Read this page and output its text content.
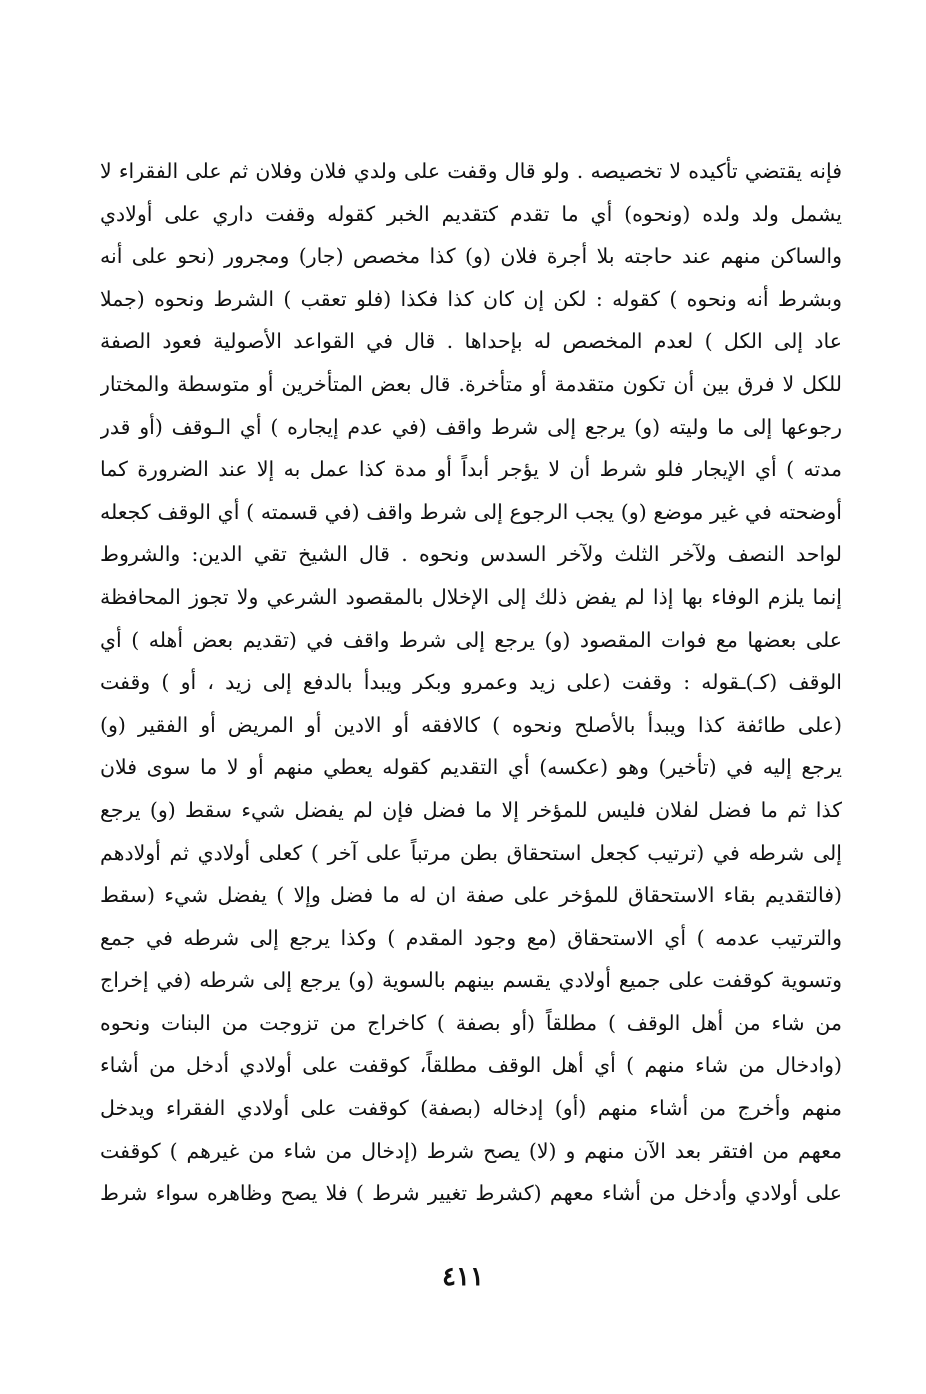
فإنه يقتضي تأكيده لا تخصيصه . ولو قال وقفت على ولدي فلان وفلان ثم على الفقراء لا
يشمل ولد ولده (ونحوه) أي ما تقدم كتقديم الخبر كقوله وقفت داري على أولادي
والساكن منهم عند حاجته بلا أجرة فلان (و) كذا مخصص (جار) ومجرور (نحو على أنه
وبشرط أنه ونحوه ) كقوله : لكن إن كان كذا فكذا (فلو تعقب ) الشرط ونحوه (جملا
عاد إلى الكل ) لعدم المخصص له بإحداها . قال في القواعد الأصولية فعود الصفة
للكل لا فرق بين أن تكون متقدمة أو متأخرة. قال بعض المتأخرين أو متوسطة والمختار
رجوعها إلى ما وليته (و) يرجع إلى شرط واقف (في عدم إيجاره ) أي الـوقف (أو قدر
مدته ) أي الإيجار فلو شرط أن لا يؤجر أبداً أو مدة كذا عمل به إلا عند الضرورة كما
أوضحته في غير موضع (و) يجب الرجوع إلى شرط واقف (في قسمته ) أي الوقف كجعله
لواحد النصف ولآخر الثلث ولآخر السدس ونحوه . قال الشيخ تقي الدين: والشروط
إنما يلزم الوفاء بها إذا لم يفض ذلك إلى الإخلال بالمقصود الشرعي ولا تجوز المحافظة
على بعضها مع فوات المقصود (و) يرجع إلى شرط واقف في (تقديم بعض أهله ) أي
الوقف (كـ)ـقوله : وقفت (على زيد وعمرو وبكر ويبدأ بالدفع إلى زيد ، أو ) وقفت
(على طائفة كذا ويبدأ بالأصلح ونحوه ) كالافقه أو الادين أو المريض أو الفقير (و)
يرجع إليه في (تأخير) وهو (عكسه) أي التقديم كقوله يعطي منهم أو لا ما سوى فلان
كذا ثم ما فضل لفلان فليس للمؤخر إلا ما فضل فإن لم يفضل شيء سقط (و) يرجع
إلى شرطه في (ترتيب كجعل استحقاق بطن مرتباً على آخر ) كعلى أولادي ثم أولادهم
(فالتقديم بقاء الاستحقاق للمؤخر على صفة ان له ما فضل وإلا ) يفضل شيء (سقط
والترتيب عدمه ) أي الاستحقاق (مع وجود المقدم ) وكذا يرجع إلى شرطه في جمع
وتسوية كوقفت على جميع أولادي يقسم بينهم بالسوية (و) يرجع إلى شرطه (في إخراج
من شاء من أهل الوقف ) مطلقاً (أو بصفة ) كاخراج من تزوجت من البنات ونحوه
(وادخال من شاء منهم ) أي أهل الوقف مطلقاً، كوقفت على أولادي أدخل من أشاء
منهم وأخرج من أشاء منهم (أو) إدخاله (بصفة) كوقفت على أولادي الفقراء ويدخل
معهم من افتقر بعد الآن منهم و (لا) يصح شرط (إدخال من شاء من غيرهم ) كوقفت
على أولادي وأدخل من أشاء معهم (كشرط تغيير شرط ) فلا يصح وظاهره سواء شرط
٤١١
